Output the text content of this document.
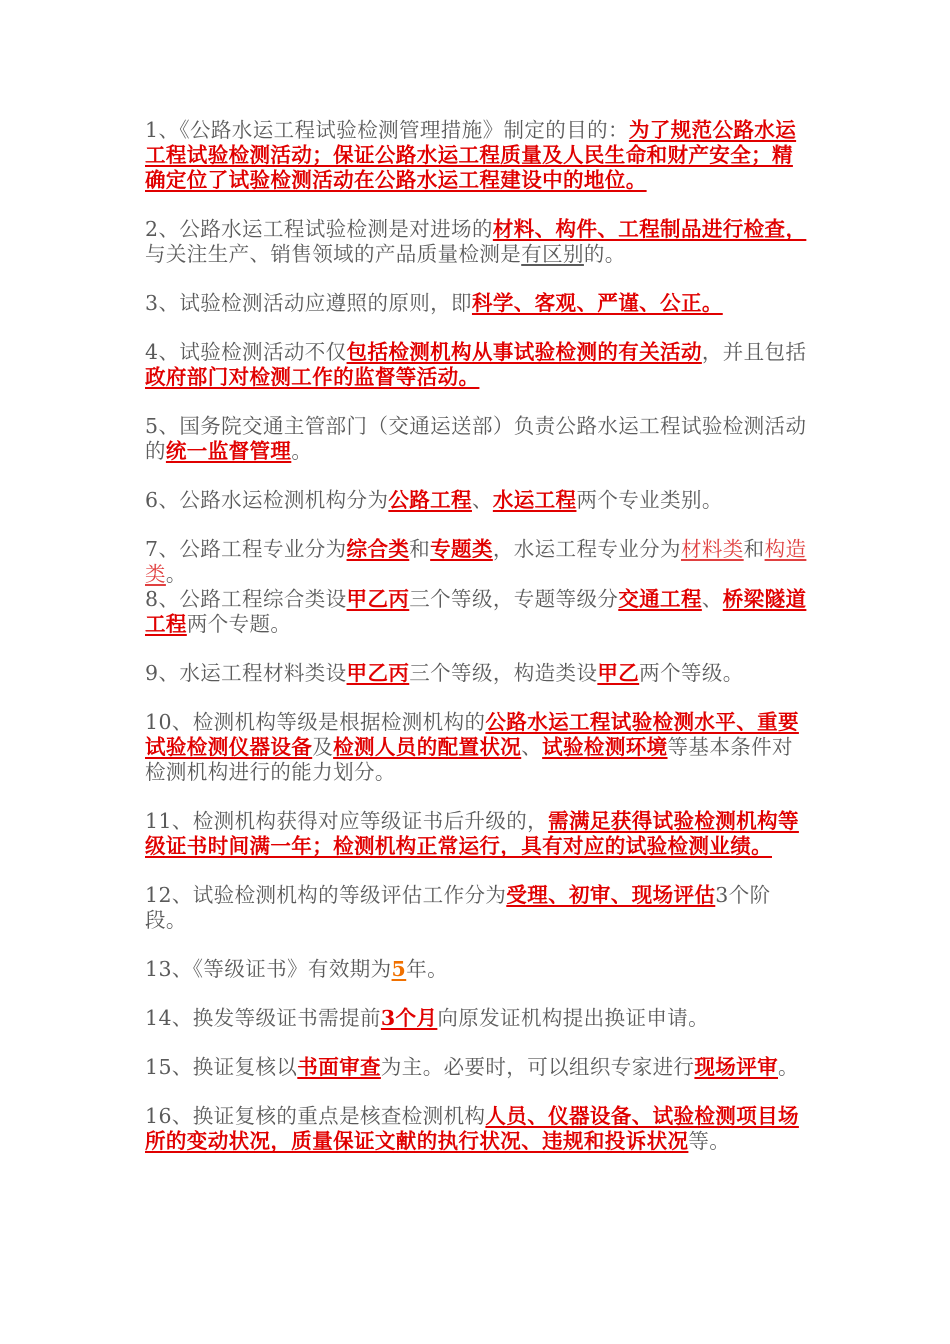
1、《公路水运工程试验检测管理措施》制定的目的：为了规范公路水运工程试验检测活动；保证公路水运工程质量及人民生命和财产安全；精确定位了试验检测活动在公路水运工程建设中的地位。

2、公路水运工程试验检测是对进场的材料、构件、工程制品进行检查，与关注生产、销售领域的产品质量检测是有区别的。

3、试验检测活动应遵照的原则，即科学、客观、严谨、公正。

4、试验检测活动不仅包括检测机构从事试验检测的有关活动，并且包括政府部门对检测工作的监督等活动。

5、国务院交通主管部门（交通运送部）负责公路水运工程试验检测活动的统一监督管理。

6、公路水运检测机构分为公路工程、水运工程两个专业类别。

7、公路工程专业分为综合类和专题类，水运工程专业分为材料类和构造类。

8、公路工程综合类设甲乙丙三个等级，专题等级分交通工程、桥梁隧道工程两个专题。

9、水运工程材料类设甲乙丙三个等级，构造类设甲乙两个等级。

10、检测机构等级是根据检测机构的公路水运工程试验检测水平、重要试验检测仪器设备及检测人员的配置状况、试验检测环境等基本条件对检测机构进行的能力划分。

11、检测机构获得对应等级证书后升级的，需满足获得试验检测机构等级证书时间满一年；检测机构正常运行，具有对应的试验检测业绩。

12、试验检测机构的等级评估工作分为受理、初审、现场评估3个阶段。

13、《等级证书》有效期为5年。

14、换发等级证书需提前3个月向原发证机构提出换证申请。

15、换证复核以书面审查为主。必要时，可以组织专家进行现场评审。

16、换证复核的重点是核查检测机构人员、仪器设备、试验检测项目场所的变动状况，质量保证文献的执行状况、违规和投诉状况等。
